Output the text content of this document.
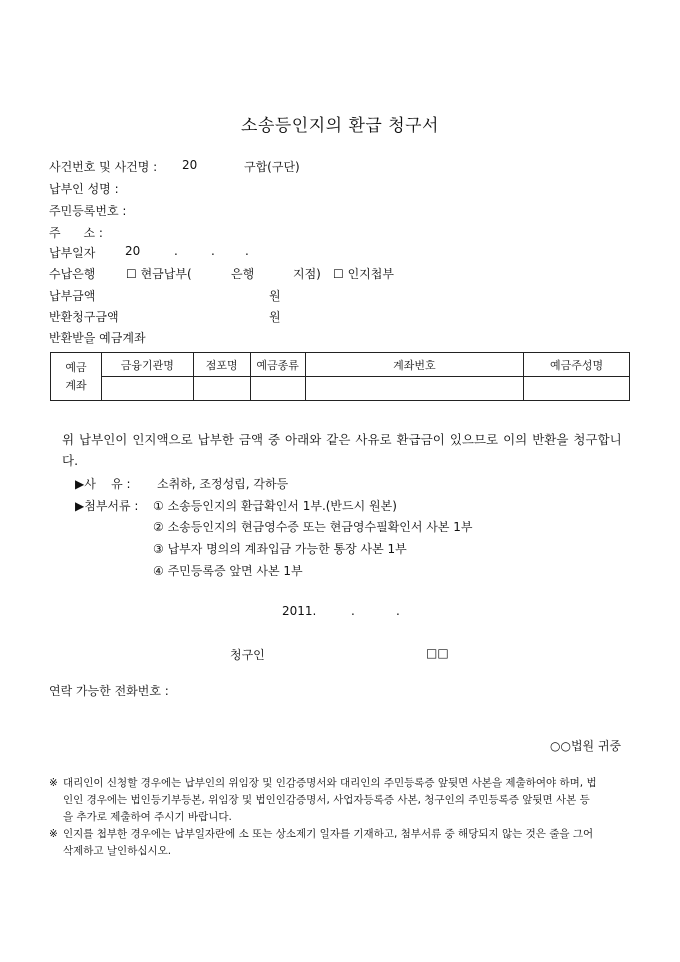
소송등인지의 환급 청구서
사건번호 및 사건명 : 20	구합(구단)
납부인 성명 :
주민등록번호 :
주      소 :
납부일자 20	.	.	.
수납은행	☐ 현금납부(	은행	지점) ☐ 인지첩부
납부금액	원
반환청구금액	원
반환받을 예금계좌
예금
계좌	금융기관명	점포명	예금종류	계좌번호	예금주성명

위 납부인이 인지액으로 납부한 금액 중 아래와 같은 사유로 환급금이 있으므로 이의 반환을 청구합니다.
▶사    유 : 소취하, 조정성립, 각하등
▶첨부서류 : ① 소송등인지의 환급확인서 1부.(반드시 원본)
② 소송등인지의 현금영수증 또는 현금영수필확인서 사본 1부
③ 납부자 명의의 계좌입금 가능한 통장 사본 1부
④ 주민등록증 앞면 사본 1부
2011.	.	.
청구인	□□
연락 가능한 전화번호 :
○○법원 귀중
※ 대리인이 신청할 경우에는 납부인의 위임장 및 인감증명서와 대리인의 주민등록증 앞뒷면 사본을 제출하여야 하며, 법
인인 경우에는 법인등기부등본, 위임장 및 법인인감증명서, 사업자등록증 사본, 청구인의 주민등록증 앞뒷면 사본 등
을 추가로 제출하여 주시기 바랍니다.
※ 인지를 첩부한 경우에는 납부일자란에 소 또는 상소제기 일자를 기재하고, 첨부서류 중 해당되지 않는 것은 줄을 그어
삭제하고 날인하십시오.
